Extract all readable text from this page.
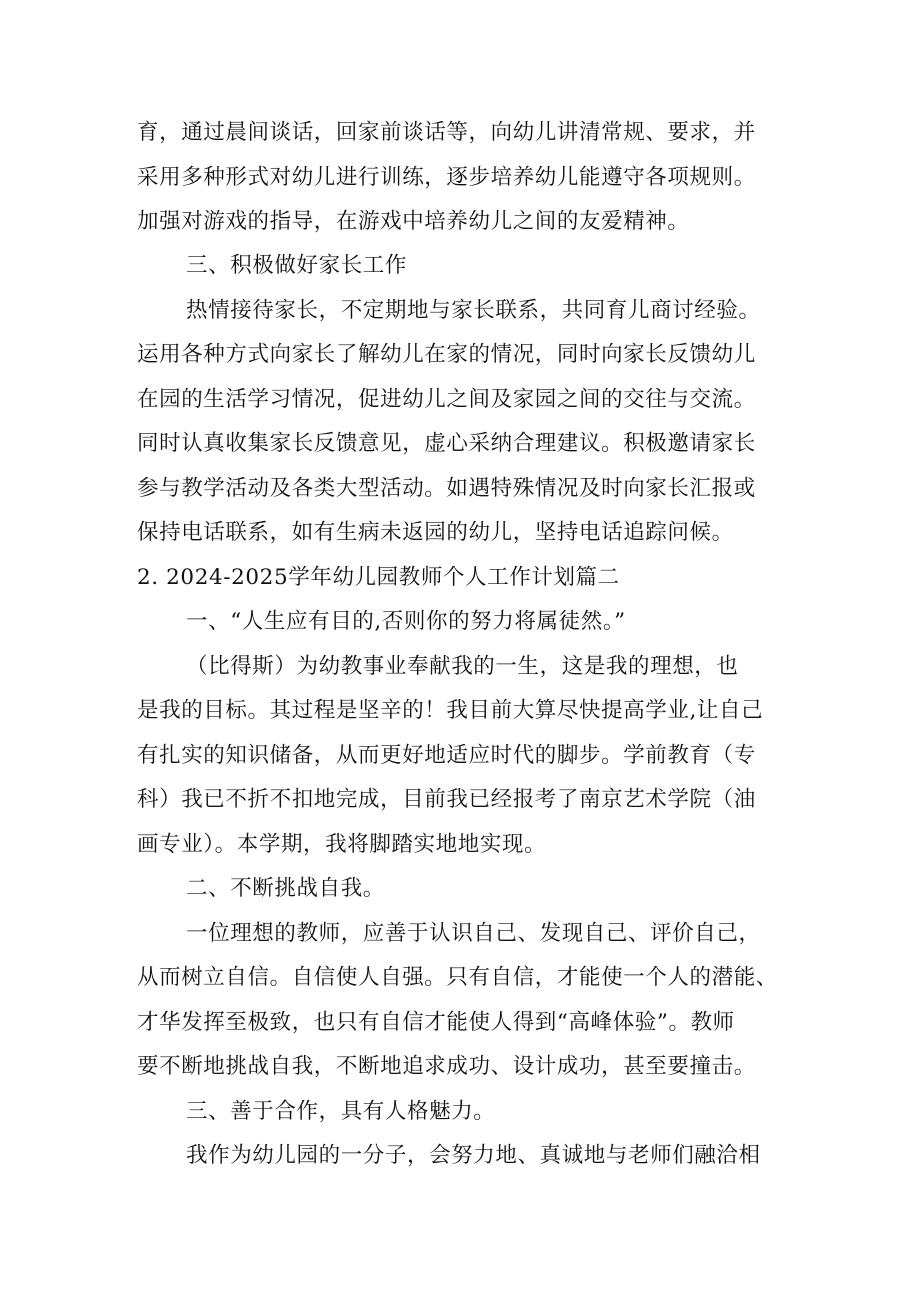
育，通过晨间谈话，回家前谈话等，向幼儿讲清常规、要求，并
采用多种形式对幼儿进行训练，逐步培养幼儿能遵守各项规则。
加强对游戏的指导，在游戏中培养幼儿之间的友爱精神。
三、积极做好家长工作
热情接待家长，不定期地与家长联系，共同育儿商讨经验。
运用各种方式向家长了解幼儿在家的情况，同时向家长反馈幼儿
在园的生活学习情况，促进幼儿之间及家园之间的交往与交流。
同时认真收集家长反馈意见，虚心采纳合理建议。积极邀请家长
参与教学活动及各类大型活动。如遇特殊情况及时向家长汇报或
保持电话联系，如有生病未返园的幼儿，坚持电话追踪问候。
2. 2024-2025学年幼儿园教师个人工作计划篇二
一、“人生应有目的,否则你的努力将属徒然。”
（比得斯）为幼教事业奉献我的一生，这是我的理想，也
是我的目标。其过程是坚辛的！我目前大算尽快提高学业,让自己
有扎实的知识储备，从而更好地适应时代的脚步。学前教育（专
科）我已不折不扣地完成，目前我已经报考了南京艺术学院（油
画专业）。本学期，我将脚踏实地地实现。
二、不断挑战自我。
一位理想的教师，应善于认识自己、发现自己、评价自己，
从而树立自信。自信使人自强。只有自信，才能使一个人的潜能、
才华发挥至极致，也只有自信才能使人得到“高峰体验”。教师
要不断地挑战自我，不断地追求成功、设计成功，甚至要撞击。
三、善于合作，具有人格魅力。
我作为幼儿园的一分子，会努力地、真诚地与老师们融洽相
